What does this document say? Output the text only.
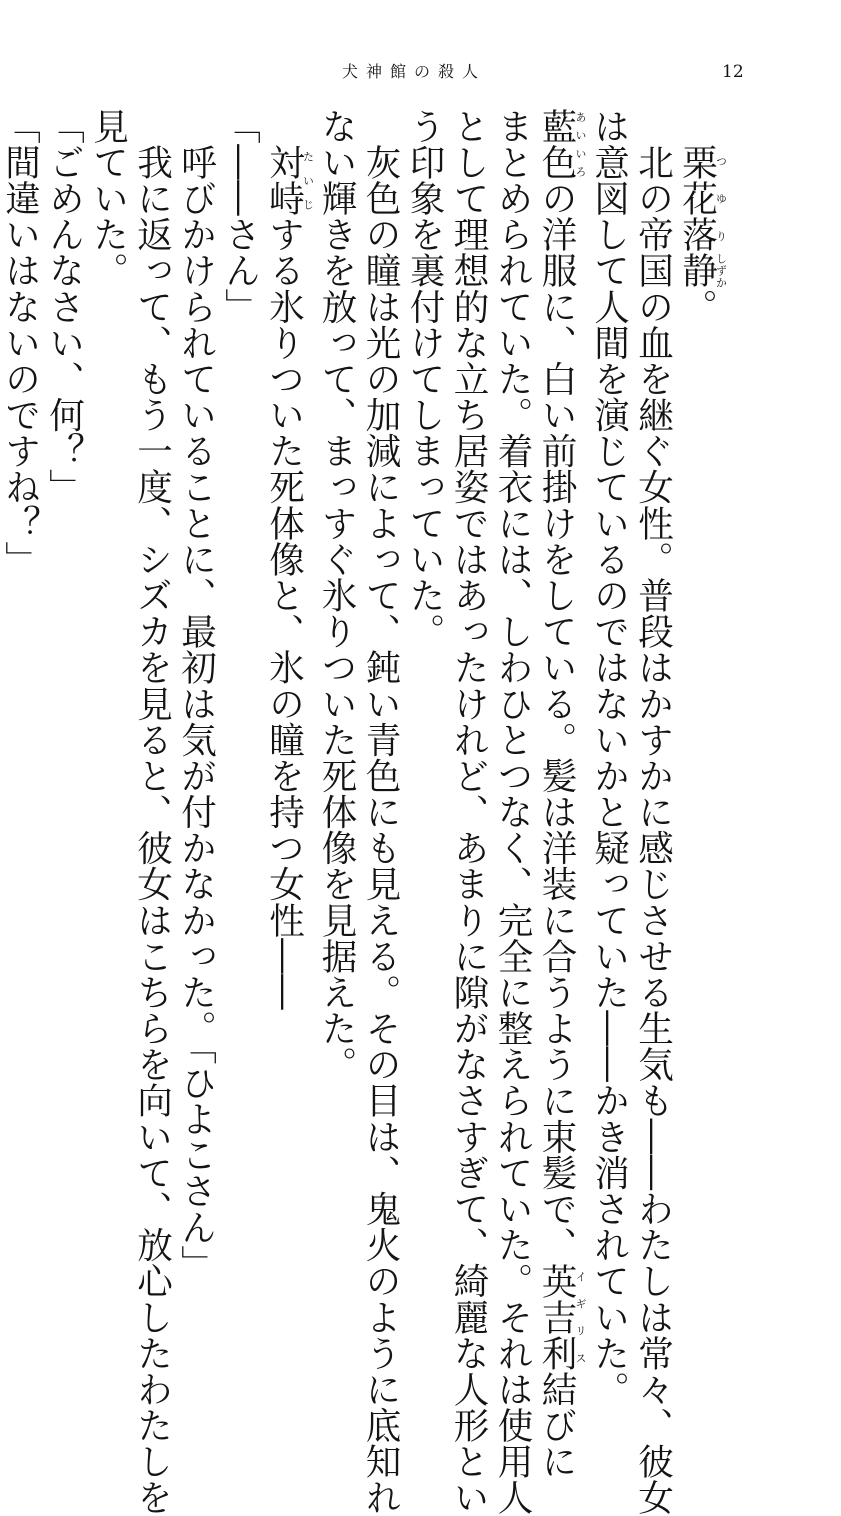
犬神館の殺人	12
　栗花落つゆり静しずか。
　北の帝国の血を継ぐ女性。普段はかすかに感じさせる生気も――わたしは常々、彼女
は意図して人間を演じているのではないかと疑っていた――かき消されていた。
藍色あいいろの洋服に、白い前掛けをしている。髪は洋装に合うように束髪で、英吉利イギリス結びに
まとめられていた。着衣には、しわひとつなく、完全に整えられていた。それは使用人
として理想的な立ち居姿ではあったけれど、あまりに隙がなさすぎて、綺麗な人形とい
う印象を裏付けてしまっていた。
　灰色の瞳は光の加減によって、鈍い青色にも見える。その目は、鬼火のように底知れ
ない輝きを放って、まっすぐ氷りついた死体像を見据えた。
　対峙たいじする氷りついた死体像と、氷の瞳を持つ女性――
「――さん」
　呼びかけられていることに、最初は気が付かなかった。「ひよこさん」
　我に返って、もう一度、シズカを見ると、彼女はこちらを向いて、放心したわたしを
見ていた。
「ごめんなさい、何？」
「間違いはないのですね？」
